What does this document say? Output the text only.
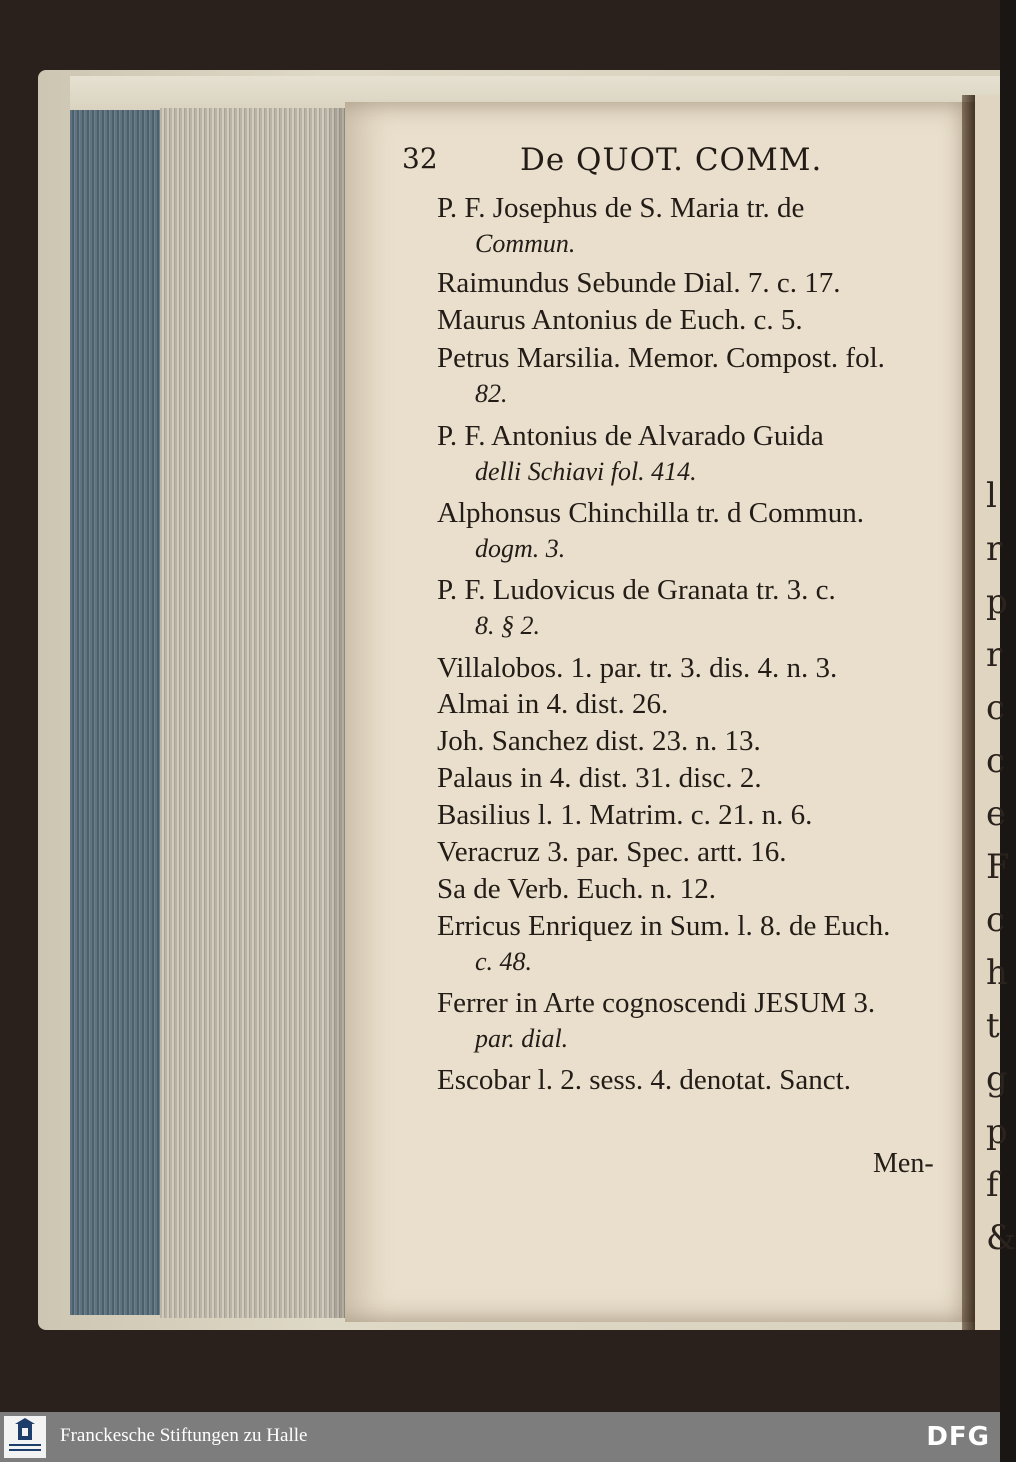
l
r
p
r
c
c
e
F
c
h
t
g
p
f
&
32	De QUOT. COMM.
P. F. Josephus de S. Maria tr. de
Commun.
Raimundus Sebunde Dial. 7. c. 17.
Maurus Antonius de Euch. c. 5.
Petrus Marsilia. Memor. Compost. fol.
82.
P. F. Antonius de Alvarado Guida
delli Schiavi fol. 414.
Alphonsus Chinchilla tr. d Commun.
dogm. 3.
P. F. Ludovicus de Granata tr. 3. c.
8. § 2.
Villalobos. 1. par. tr. 3. dis. 4. n. 3.
Almai in 4. dist. 26.
Joh. Sanchez dist. 23. n. 13.
Palaus in 4. dist. 31. disc. 2.
Basilius l. 1. Matrim. c. 21. n. 6.
Veracruz 3. par. Spec. artt. 16.
Sa de Verb. Euch. n. 12.
Erricus Enriquez in Sum. l. 8. de Euch.
c. 48.
Ferrer in Arte cognoscendi JESUM 3.
par. dial.
Escobar l. 2. sess. 4. denotat. Sanct.
Men-
Franckesche Stiftungen zu Halle	DFG
